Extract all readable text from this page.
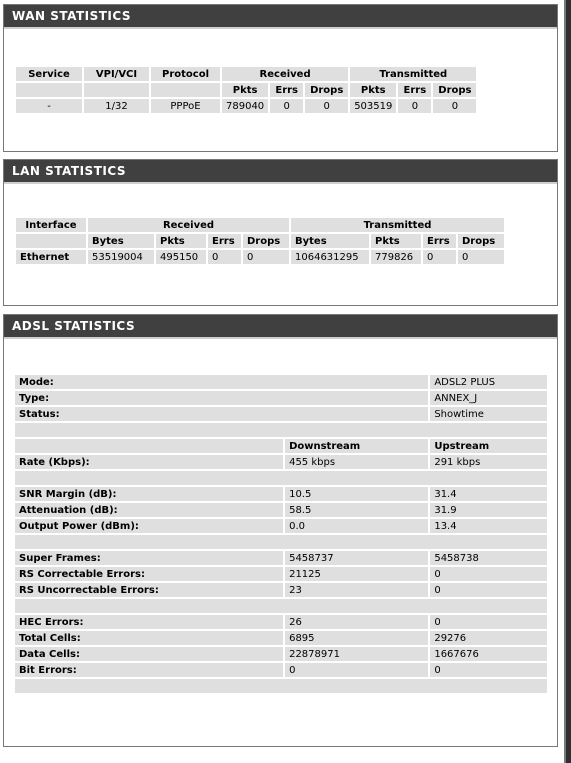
WAN STATISTICS
Service	VPI/VCI	Protocol	Received			Transmitted		
			Pkts	Errs	Drops	Pkts	Errs	Drops
-	1/32	PPPoE	789040	0	0	503519	0	0
LAN STATISTICS
Interface	Received				Transmitted			
	Bytes	Pkts	Errs	Drops	Bytes	Pkts	Errs	Drops
Ethernet	53519004	495150	0	0	1064631295	779826	0	0
ADSL STATISTICS
Mode:		ADSL2 PLUS
Type:		ANNEX_J
Status:		Showtime

	Downstream	Upstream
Rate (Kbps):	455 kbps	291 kbps

SNR Margin (dB):	10.5	31.4
Attenuation (dB):	58.5	31.9
Output Power (dBm):	0.0	13.4

Super Frames:	5458737	5458738
RS Correctable Errors:	21125	0
RS Uncorrectable Errors:	23	0

HEC Errors:	26	0
Total Cells:	6895	29276
Data Cells:	22878971	1667676
Bit Errors:	0	0
